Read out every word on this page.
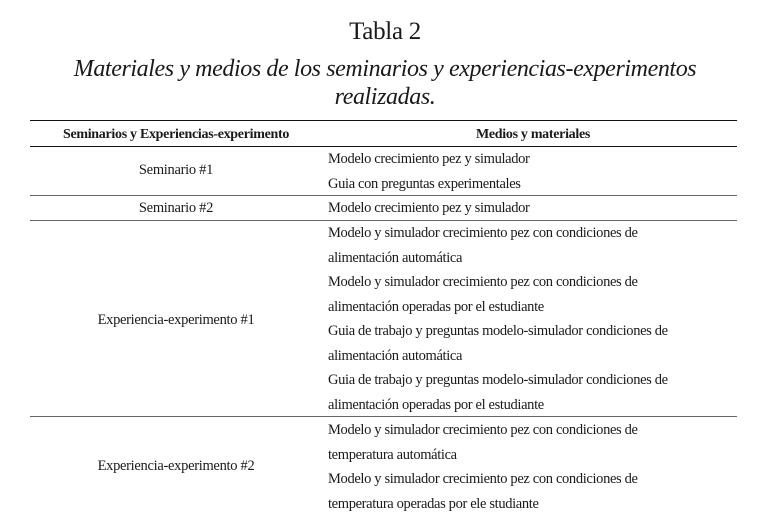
Tabla 2
Materiales y medios de los seminarios y experiencias-experimentos
realizadas.
Seminarios y Experiencias-experimento	Medios y materiales
Seminario #1
Modelo crecimiento pez y simulador
Guia con preguntas experimentales
Seminario #2	Modelo crecimiento pez y simulador
Experiencia-experimento #1
Modelo y simulador crecimiento pez con condiciones de
alimentación automática
Modelo y simulador crecimiento pez con condiciones de
alimentación operadas por el estudiante
Guia de trabajo y preguntas modelo-simulador condiciones de
alimentación automática
Guia de trabajo y preguntas modelo-simulador condiciones de
alimentación operadas por el estudiante
Experiencia-experimento #2
Modelo y simulador crecimiento pez con condiciones de
temperatura automática
Modelo y simulador crecimiento pez con condiciones de
temperatura operadas por ele studiante
